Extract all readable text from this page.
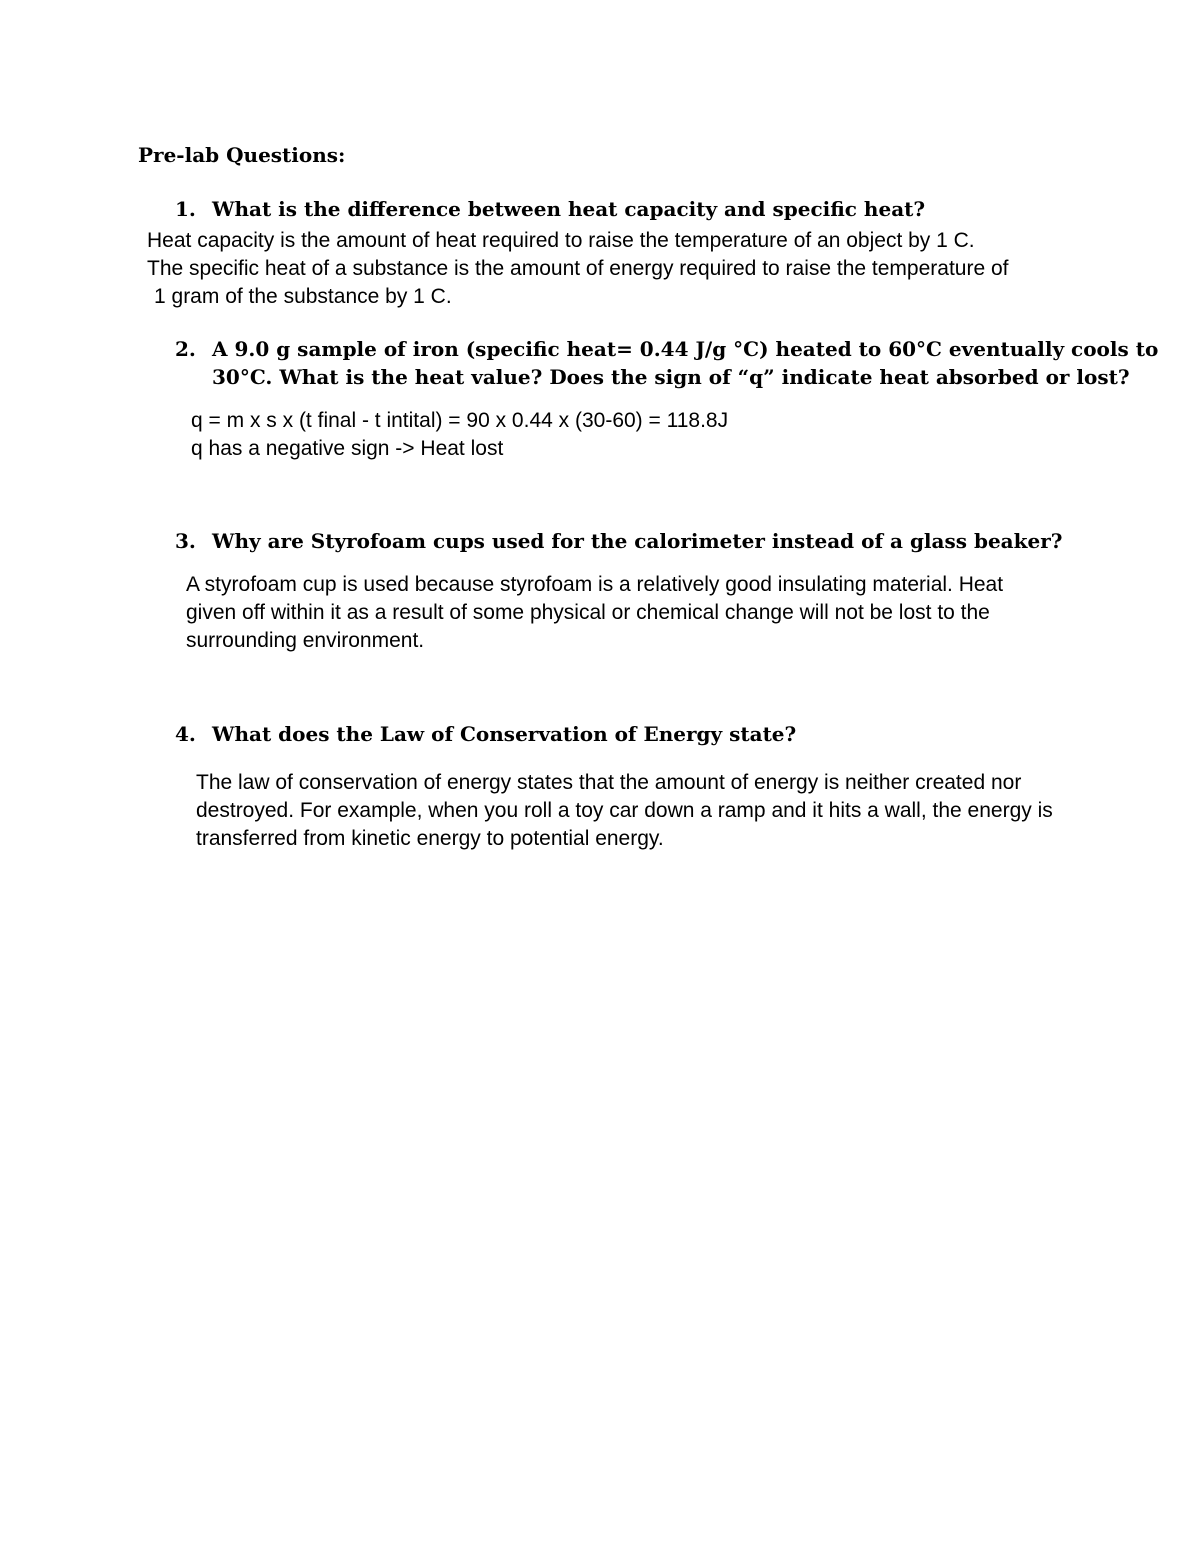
Pre-lab Questions:
1. What is the difference between heat capacity and specific heat?
Heat capacity is the amount of heat required to raise the temperature of an object by 1 C.
The specific heat of a substance is the amount of energy required to raise the temperature of
1 gram of the substance by 1 C.
2. A 9.0 g sample of iron (specific heat= 0.44 J/g °C) heated to 60°C eventually cools to
30°C. What is the heat value? Does the sign of “q” indicate heat absorbed or lost?
q = m x s x (t final - t intital) = 90 x 0.44 x (30-60) = 118.8J
q has a negative sign -> Heat lost
3. Why are Styrofoam cups used for the calorimeter instead of a glass beaker?
A styrofoam cup is used because styrofoam is a relatively good insulating material. Heat
given off within it as a result of some physical or chemical change will not be lost to the
surrounding environment.
4. What does the Law of Conservation of Energy state?
The law of conservation of energy states that the amount of energy is neither created nor
destroyed. For example, when you roll a toy car down a ramp and it hits a wall, the energy is
transferred from kinetic energy to potential energy.
